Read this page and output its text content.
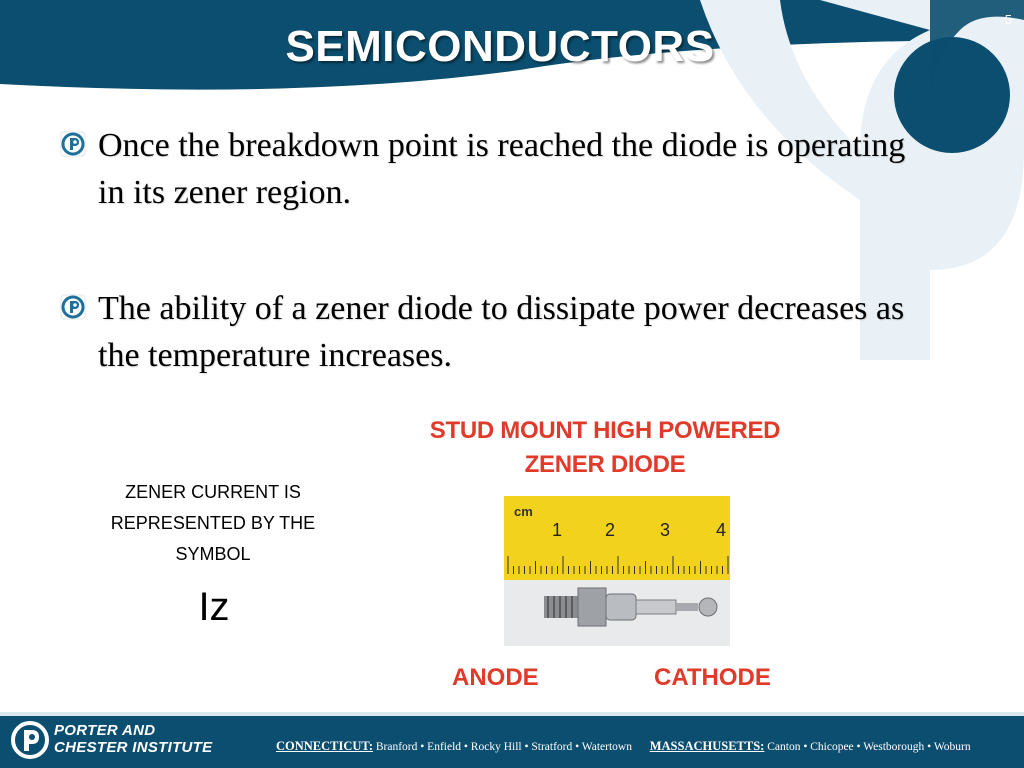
5
SEMICONDUCTORS
Once the breakdown point is reached the diode is operating in its zener region.
The ability of a zener diode to dissipate power decreases as the temperature increases.
ZENER CURRENT IS REPRESENTED BY THE SYMBOL
Iz
STUD MOUNT HIGH POWERED
ZENER DIODE
cm
1 2 3	4
ANODE	CATHODE
PORTER AND
CHESTER INSTITUTE	CONNECTICUT: Branford • Enfield • Rocky Hill • Stratford • Watertown MASSACHUSETTS: Canton • Chicopee • Westborough • Woburn
